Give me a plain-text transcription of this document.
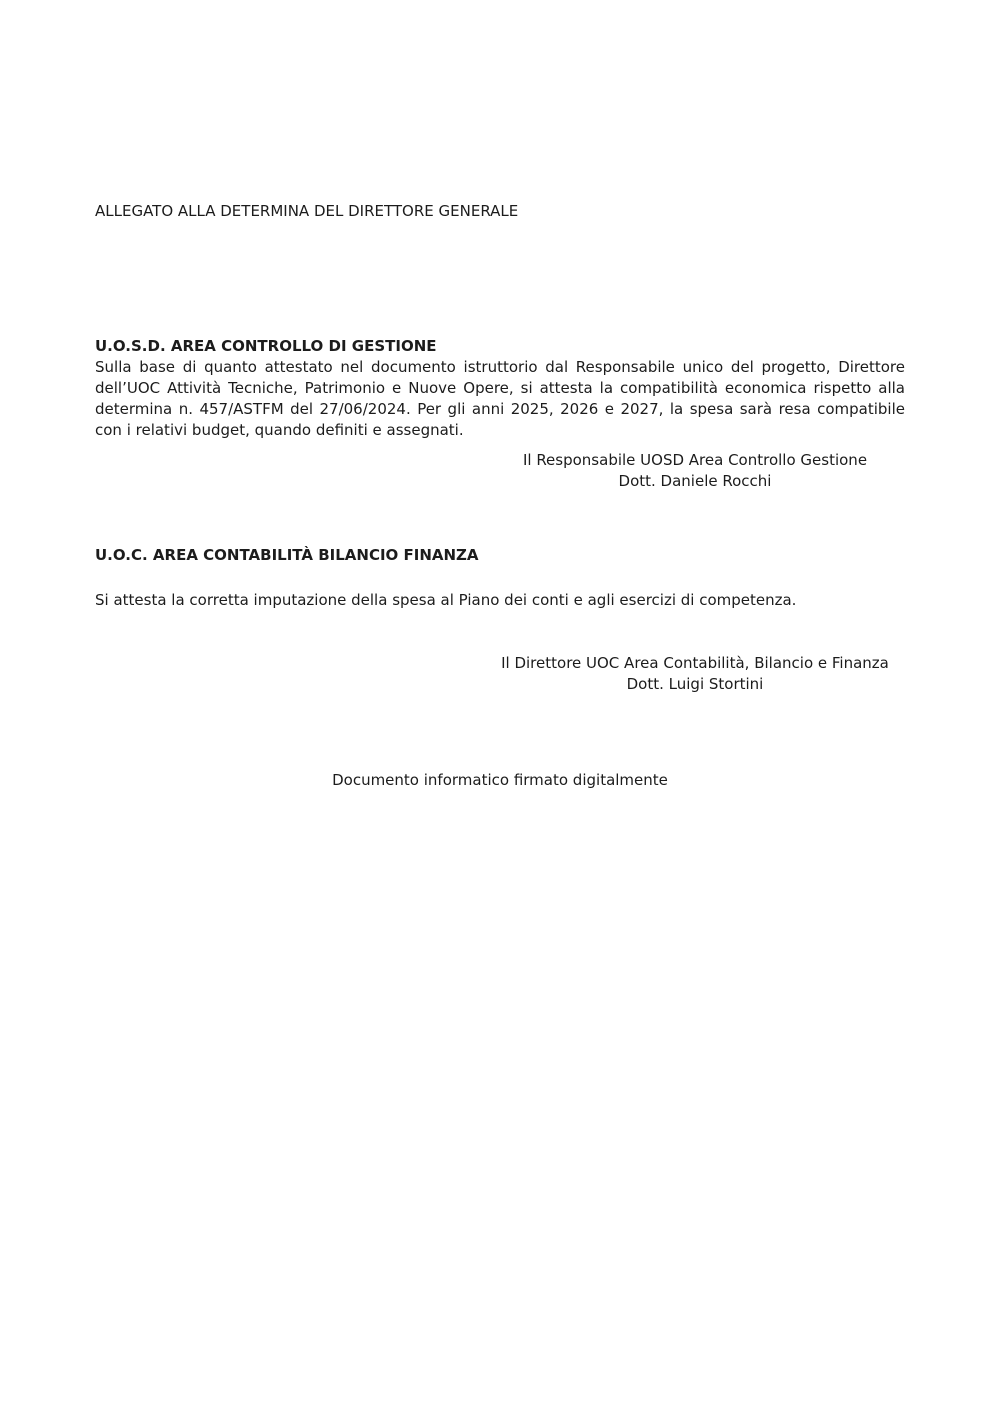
ALLEGATO ALLA DETERMINA DEL DIRETTORE GENERALE

U.O.S.D. AREA CONTROLLO DI GESTIONE

Sulla base di quanto attestato nel documento istruttorio dal Responsabile unico del progetto, Direttore dell’UOC Attività Tecniche, Patrimonio e Nuove Opere, si attesta la compatibilità economica rispetto alla determina n. 457/ASTFM del 27/06/2024. Per gli anni 2025, 2026 e 2027, la spesa sarà resa compatibile con i relativi budget, quando definiti e assegnati.

Il Responsabile UOSD Area Controllo Gestione

Dott. Daniele Rocchi

U.O.C. AREA CONTABILITÀ BILANCIO FINANZA

Si attesta la corretta imputazione della spesa al Piano dei conti e agli esercizi di competenza.

Il Direttore UOC Area Contabilità, Bilancio e Finanza

Dott. Luigi Stortini

Documento informatico firmato digitalmente
